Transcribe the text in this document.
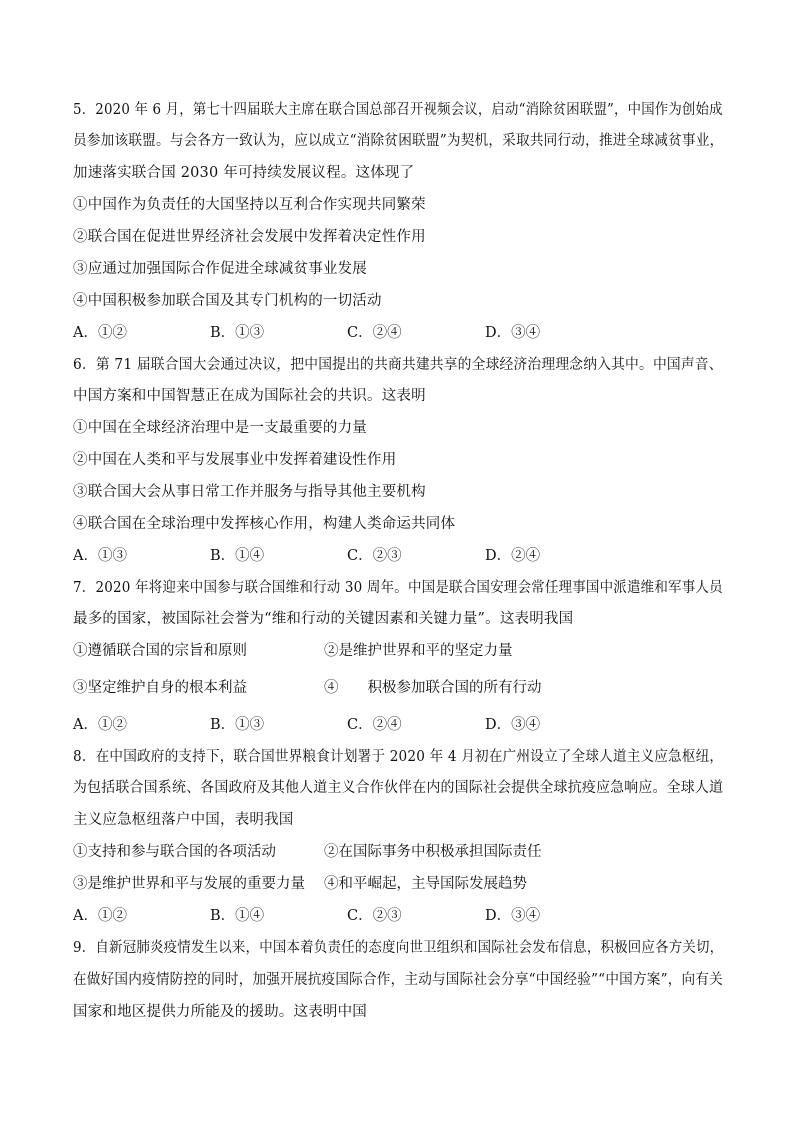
5．2020 年 6 月，第七十四届联大主席在联合国总部召开视频会议，启动“消除贫困联盟”，中国作为创始成
员参加该联盟。与会各方一致认为，应以成立“消除贫困联盟”为契机，采取共同行动，推进全球减贫事业，
加速落实联合国 2030 年可持续发展议程。这体现了
①中国作为负责任的大国坚持以互利合作实现共同繁荣
②联合国在促进世界经济社会发展中发挥着决定性作用
③应通过加强国际合作促进全球减贫事业发展
④中国积极参加联合国及其专门机构的一切活动
A．①②	B．①③	C．②④	D．③④
6．第 71 届联合国大会通过决议，把中国提出的共商共建共享的全球经济治理理念纳入其中。中国声音、
中国方案和中国智慧正在成为国际社会的共识。这表明
①中国在全球经济治理中是一支最重要的力量
②中国在人类和平与发展事业中发挥着建设性作用
③联合国大会从事日常工作并服务与指导其他主要机构
④联合国在全球治理中发挥核心作用，构建人类命运共同体
A．①③	B．①④	C．②③	D．②④
7．2020 年将迎来中国参与联合国维和行动 30 周年。中国是联合国安理会常任理事国中派遣维和军事人员
最多的国家，被国际社会誉为“维和行动的关键因素和关键力量”。这表明我国
①遵循联合国的宗旨和原则	②是维护世界和平的坚定力量
③坚定维护自身的根本利益	④　　积极参加联合国的所有行动
A．①②	B．①③	C．②④	D．③④
8．在中国政府的支持下，联合国世界粮食计划署于 2020 年 4 月初在广州设立了全球人道主义应急枢纽，
为包括联合国系统、各国政府及其他人道主义合作伙伴在内的国际社会提供全球抗疫应急响应。全球人道
主义应急枢纽落户中国，表明我国
①支持和参与联合国的各项活动	②在国际事务中积极承担国际责任
③是维护世界和平与发展的重要力量 ④和平崛起，主导国际发展趋势
A．①②	B．①④	C．②③	D．③④
9．自新冠肺炎疫情发生以来，中国本着负责任的态度向世卫组织和国际社会发布信息，积极回应各方关切，
在做好国内疫情防控的同时，加强开展抗疫国际合作，主动与国际社会分享“中国经验”“中国方案”，向有关
国家和地区提供力所能及的援助。这表明中国
